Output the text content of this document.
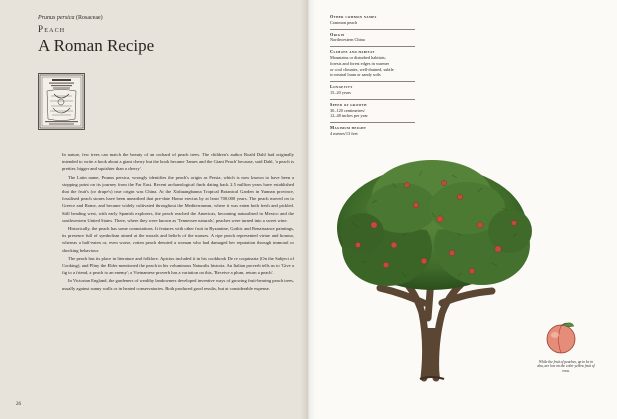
Prunus persica (Rosaceae)
Peach
A Roman Recipe

In nature, few trees can match the beauty of an orchard of peach trees. The children's author Roald Dahl had originally intended to write a book about a giant cherry but the book became 'James and the Giant Peach' because, said Dahl, 'a peach is prettier, bigger and squishier than a cherry'.

The Latin name, Prunus persica, wrongly identifies the peach's origin as Persia, which is now known to have been a stopping point on its journey from the Far East. Recent archaeological finds dating back 2.5 million years have established that the fruit's (or drupe's) true origin was China. At the Xishuangbanna Tropical Botanical Garden in Yunnan province, fossilised peach stones have been unearthed that pre-date Homo erectus by at least 700,000 years. The peach moved on to Greece and Rome, and became widely cultivated throughout the Mediterranean, where it was eaten both fresh and pickled. Still heading west, with early Spanish explorers, the peach reached the Americas, becoming naturalised in Mexico and the southwestern United States. There, where they were known as 'Tennessee naturals', peaches were turned into a sweet wine.

Historically, the peach has some connotations. It features with other fruit in Byzantine, Gothic and Renaissance paintings, its presence full of symbolism aimed at the morals and beliefs of the masses. A ripe peach represented virtue and honour, whereas a half-eaten or, even worse, rotten peach denoted a woman who had damaged her reputation through immoral or shocking behaviour.

The peach has its place in literature and folklore. Apicius included it in his cookbook De re coquinaria (On the Subject of Cooking), and Pliny the Elder mentioned the peach in his voluminous Naturalis historia. An Italian proverb tells us to 'Give a fig to a friend, a peach to an enemy'; a Vietnamese proverb has a variation on this, 'Receive a plum, return a peach'.

In Victorian England, the gardeners of wealthy landowners developed inventive ways of growing fruit-bearing peach trees, usually against sunny walls or in heated conservatories. Both produced good results, but at considerable expense.

26
Other common names
Common peach
Origin
Northwestern China
Climate and habitat
Mountains or disturbed habitats;
forests and forest edges in warmer
or cool climates, well-drained, subtle
to neutral loam or sandy soils
Longevity
15–20 years
Speed of growth
30–120 centimetres/
12–48 inches per year
Maximum height
4 metres/13 feet
While the fruit of peaches, up to be in aha, are low on the color yellow fruit of rena.
